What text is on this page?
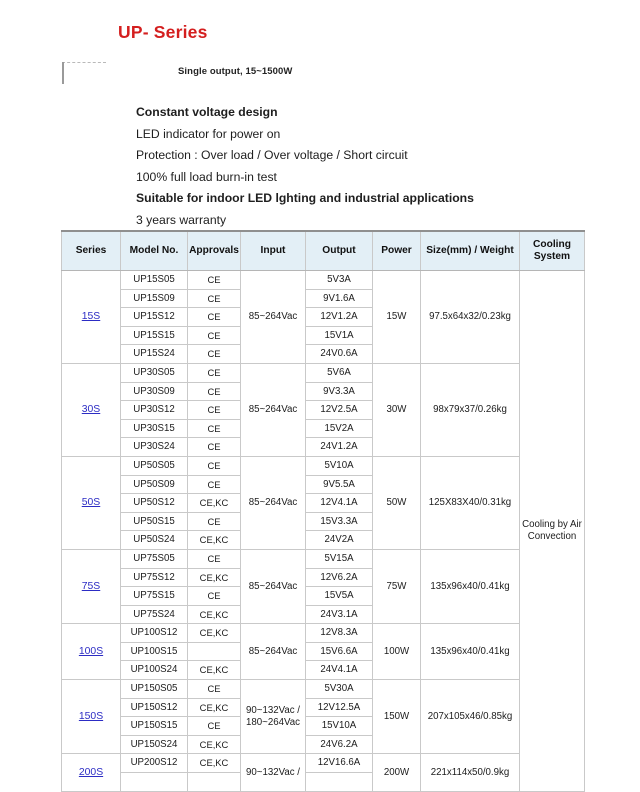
UP- Series
Single output, 15~1500W
Constant voltage design
LED indicator for power on
Protection : Over load / Over voltage / Short circuit
100% full load burn-in test
Suitable for indoor LED lghting and industrial applications
3 years warranty
Series	Model No.	Approvals	Input	Output	Power	Size(mm) / Weight	Cooling System
15S	UP15S05	CE	85~264Vac	5V3A	15W	97.5x64x32/0.23kg	Cooling by Air Convection
	UP15S09	CE		9V1.6A			
	UP15S12	CE		12V1.2A			
	UP15S15	CE		15V1A			
	UP15S24	CE		24V0.6A			
30S	UP30S05	CE	85~264Vac	5V6A	30W	98x79x37/0.26kg	
	UP30S09	CE		9V3.3A			
	UP30S12	CE		12V2.5A			
	UP30S15	CE		15V2A			
	UP30S24	CE		24V1.2A			
50S	UP50S05	CE	85~264Vac	5V10A	50W	125X83X40/0.31kg	
	UP50S09	CE		9V5.5A			
	UP50S12	CE,KC		12V4.1A			
	UP50S15	CE		15V3.3A			
	UP50S24	CE,KC		24V2A			
75S	UP75S05	CE	85~264Vac	5V15A	75W	135x96x40/0.41kg	
	UP75S12	CE,KC		12V6.2A			
	UP75S15	CE		15V5A			
	UP75S24	CE,KC		24V3.1A			
100S	UP100S12	CE,KC	85~264Vac	12V8.3A	100W	135x96x40/0.41kg	
	UP100S15			15V6.6A			
	UP100S24	CE,KC		24V4.1A			
150S	UP150S05	CE	90~132Vac / 180~264Vac	5V30A	150W	207x105x46/0.85kg	
	UP150S12	CE,KC		12V12.5A			
	UP150S15	CE		15V10A			
	UP150S24	CE,KC		24V6.2A			
200S	UP200S12	CE,KC	90~132Vac /	12V16.6A	200W	221x114x50/0.9kg	
